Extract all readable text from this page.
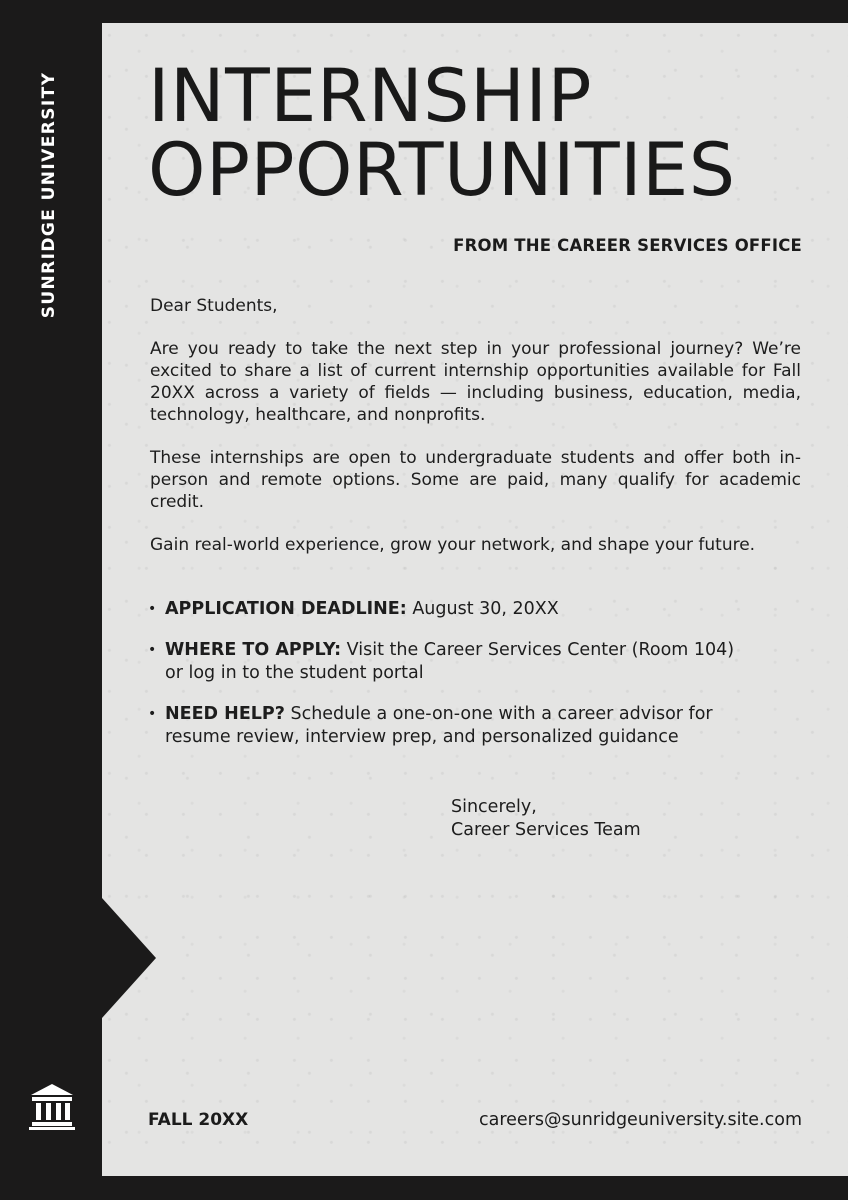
SUNRIDGE UNIVERSITY INTERNSHIP
OPPORTUNITIES
FROM THE CAREER SERVICES OFFICE

Dear Students,

Are you ready to take the next step in your professional journey? We’re excited to share a list of current internship opportunities available for Fall 20XX across a variety of fields — including business, education, media, technology, healthcare, and nonprofits.

These internships are open to undergraduate students and offer both in-person and remote options. Some are paid, many qualify for academic credit.

Gain real-world experience, grow your network, and shape your future.

• APPLICATION DEADLINE: August 30, 20XX
• WHERE TO APPLY: Visit the Career Services Center (Room 104) or log in to the student portal
• NEED HELP? Schedule a one-on-one with a career advisor for resume review, interview prep, and personalized guidance
Sincerely,
Career Services Team
FALL 20XX	careers@sunridgeuniversity.site.com
